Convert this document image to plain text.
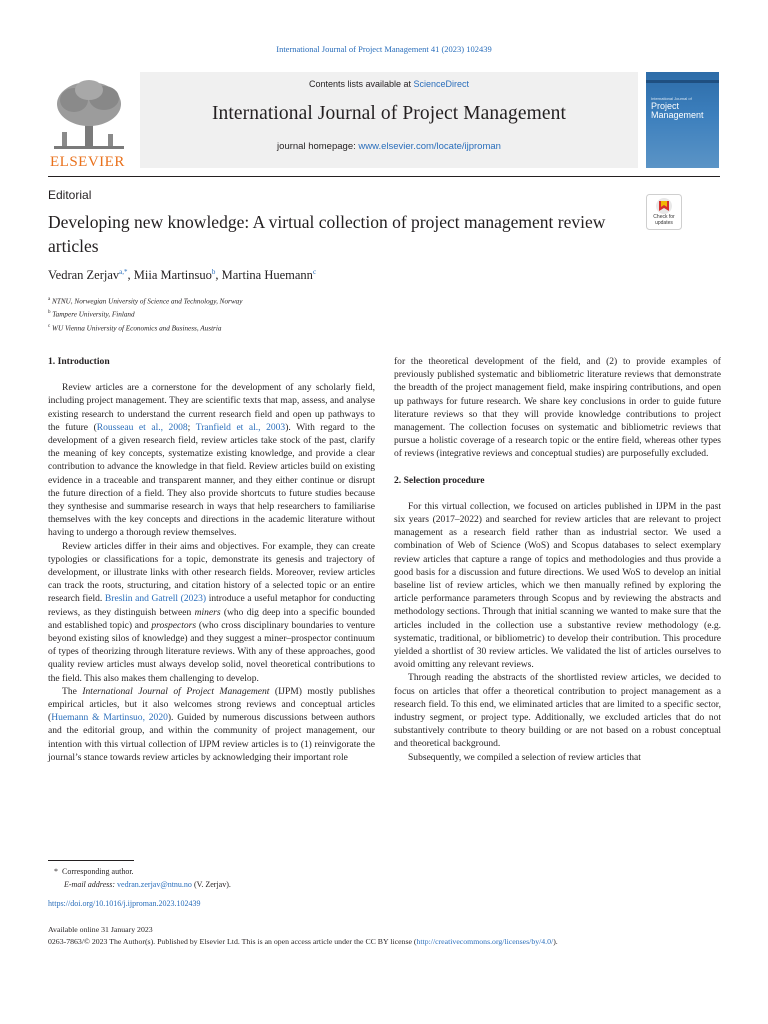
International Journal of Project Management 41 (2023) 102439
ELSEVIER
Contents lists available at ScienceDirect
International Journal of Project Management
journal homepage: www.elsevier.com/locate/ijproman
International Journal of
Project Management
Editorial
Developing new knowledge: A virtual collection of project management review articles
Check for updates
Vedran Zerjav$^{a,*}$, Miia Martinsuo$^b$, Martina Huemann$^c$
$^a$ NTNU, Norwegian University of Science and Technology, Norway
$^b$ Tampere University, Finland
$^c$ WU Vienna University of Economics and Business, Austria
1. Introduction

Review articles are a cornerstone for the development of any scholarly field, including project management. They are scientific texts that map, assess, and analyse existing research to understand the current research field and open up pathways to the future (Rousseau et al., 2008; Tranfield et al., 2003). With regard to the development of a given research field, review articles take stock of the past, clarify the meaning of key concepts, systematize existing knowledge, and provide a clear contribution to advance the knowledge in that field. Review articles build on existing evidence in a traceable and transparent manner, and they either continue or disrupt the future direction of a field. They also provide shortcuts to future studies because they synthesise and summarise research in ways that help researchers to familiarise themselves with the key concepts and directions in the academic literature without having to undergo a thorough review themselves.

Review articles differ in their aims and objectives. For example, they can create typologies or classifications for a topic, demonstrate its genesis and trajectory of development, or illustrate links with other research fields. Moreover, review articles can track the roots, structuring, and citation history of a selected topic or an entire research field. Breslin and Gatrell (2023) introduce a useful metaphor for conducting reviews, as they distinguish between miners (who dig deep into a specific bounded and established topic) and prospectors (who cross disciplinary boundaries to venture beyond existing silos of knowledge) and they suggest a miner–prospector continuum of types of theorizing through literature reviews. With any of these approaches, good quality review articles must always develop solid, novel theoretical contributions to the field. This also makes them challenging to develop.

The International Journal of Project Management (IJPM) mostly publishes empirical articles, but it also welcomes strong reviews and conceptual articles (Huemann & Martinsuo, 2020). Guided by numerous discussions between authors and the editorial group, and within the community of project management, our intention with this virtual collection of IJPM review articles is to (1) reinvigorate the journal’s stance towards review articles by acknowledging their important role

for the theoretical development of the field, and (2) to provide examples of previously published systematic and bibliometric literature reviews that demonstrate the breadth of the project management field, make inspiring contributions, and open up pathways for future research. We share key conclusions in order to guide future literature reviews so that they will provide knowledge contributions to project management. The collection focuses on systematic and bibliometric reviews that pursue a holistic coverage of a research topic or the entire field, whereas other types of reviews (integrative reviews and conceptual studies) are purposefully excluded.

2. Selection procedure

For this virtual collection, we focused on articles published in IJPM in the past six years (2017–2022) and searched for review articles that are relevant to project management as a research field rather than as industrial sector. We used a combination of Web of Science (WoS) and Scopus databases to select exemplary review articles that capture a range of topics and methodologies and thus provide a good basis for a discussion and future directions. We used WoS to develop an initial baseline list of review articles, which we then manually refined by exploring the article performance parameters through Scopus and by reviewing the abstracts and methodology sections. Through that initial scanning we wanted to make sure that the articles included in the collection use a substantive review methodology (e.g. systematic, traditional, or bibliometric) to develop their contribution. This procedure yielded a shortlist of 30 review articles. We validated the list of articles ourselves to avoid omitting any relevant reviews.

Through reading the abstracts of the shortlisted review articles, we decided to focus on articles that offer a theoretical contribution to project management as a research field. To this end, we eliminated articles that are limited to a specific sector, industry segment, or project type. Additionally, we excluded articles that do not substantively contribute to theory building or are not based on a robust conceptual and theoretical background.

Subsequently, we compiled a selection of review articles that

* Corresponding author.
E-mail address: vedran.zerjav@ntnu.no (V. Zerjav).
https://doi.org/10.1016/j.ijproman.2023.102439
Available online 31 January 2023
0263-7863/© 2023 The Author(s). Published by Elsevier Ltd. This is an open access article under the CC BY license (http://creativecommons.org/licenses/by/4.0/).
